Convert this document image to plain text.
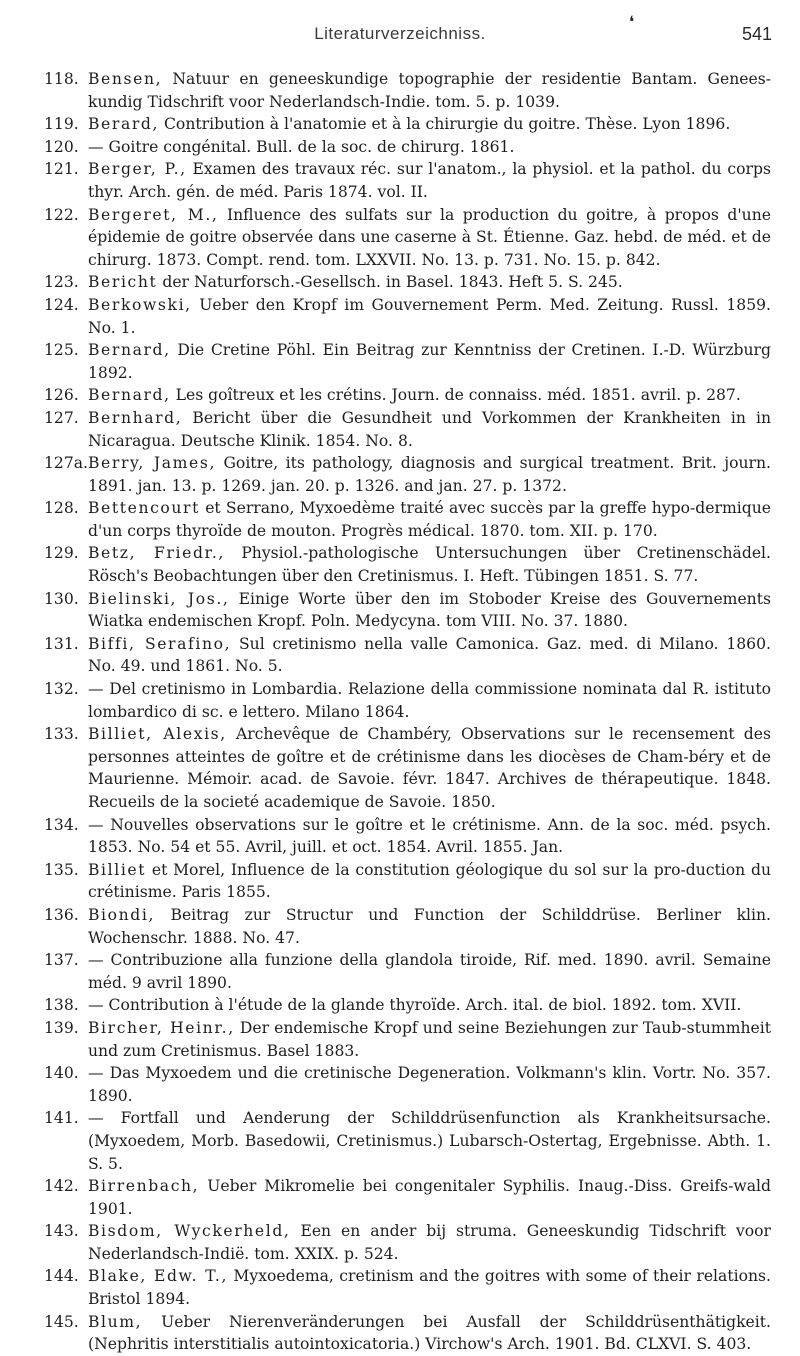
Literaturverzeichniss.
❛
541
118. Bensen, Natuur en geneeskundige topographie der residentie Bantam. Genees-kundig Tidschrift voor Nederlandsch-Indie. tom. 5. p. 1039.
119. Berard, Contribution à l'anatomie et à la chirurgie du goitre. Thèse. Lyon 1896.
120. — Goitre congénital. Bull. de la soc. de chirurg. 1861.
121. Berger, P., Examen des travaux réc. sur l'anatom., la physiol. et la pathol. du corps thyr. Arch. gén. de méd. Paris 1874. vol. II.
122. Bergeret, M., Influence des sulfats sur la production du goitre, à propos d'une épidemie de goitre observée dans une caserne à St. Étienne. Gaz. hebd. de méd. et de chirurg. 1873. Compt. rend. tom. LXXVII. No. 13. p. 731. No. 15. p. 842.
123. Bericht der Naturforsch.-Gesellsch. in Basel. 1843. Heft 5. S. 245.
124. Berkowski, Ueber den Kropf im Gouvernement Perm. Med. Zeitung. Russl. 1859. No. 1.
125. Bernard, Die Cretine Pöhl. Ein Beitrag zur Kenntniss der Cretinen. I.-D. Würzburg 1892.
126. Bernard, Les goîtreux et les crétins. Journ. de connaiss. méd. 1851. avril. p. 287.
127. Bernhard, Bericht über die Gesundheit und Vorkommen der Krankheiten in in Nicaragua. Deutsche Klinik. 1854. No. 8.
127a. Berry, James, Goitre, its pathology, diagnosis and surgical treatment. Brit. journ. 1891. jan. 13. p. 1269. jan. 20. p. 1326. and jan. 27. p. 1372.
128. Bettencourt et Serrano, Myxoedème traité avec succès par la greffe hypo-dermique d'un corps thyroïde de mouton. Progrès médical. 1870. tom. XII. p. 170.
129. Betz, Friedr., Physiol.-pathologische Untersuchungen über Cretinenschädel. Rösch's Beobachtungen über den Cretinismus. I. Heft. Tübingen 1851. S. 77.
130. Bielinski, Jos., Einige Worte über den im Stoboder Kreise des Gouvernements Wiatka endemischen Kropf. Poln. Medycyna. tom VIII. No. 37. 1880.
131. Biffi, Serafino, Sul cretinismo nella valle Camonica. Gaz. med. di Milano. 1860. No. 49. und 1861. No. 5.
132. — Del cretinismo in Lombardia. Relazione della commissione nominata dal R. istituto lombardico di sc. e lettero. Milano 1864.
133. Billiet, Alexis, Archevêque de Chambéry, Observations sur le recensement des personnes atteintes de goître et de crétinisme dans les diocèses de Cham-béry et de Maurienne. Mémoir. acad. de Savoie. févr. 1847. Archives de thérapeutique. 1848. Recueils de la societé academique de Savoie. 1850.
134. — Nouvelles observations sur le goître et le crétinisme. Ann. de la soc. méd. psych. 1853. No. 54 et 55. Avril, juill. et oct. 1854. Avril. 1855. Jan.
135. Billiet et Morel, Influence de la constitution géologique du sol sur la pro-duction du crétinisme. Paris 1855.
136. Biondi, Beitrag zur Structur und Function der Schilddrüse. Berliner klin. Wochenschr. 1888. No. 47.
137. — Contribuzione alla funzione della glandola tiroide, Rif. med. 1890. avril. Semaine méd. 9 avril 1890.
138. — Contribution à l'étude de la glande thyroïde. Arch. ital. de biol. 1892. tom. XVII.
139. Bircher, Heinr., Der endemische Kropf und seine Beziehungen zur Taub-stummheit und zum Cretinismus. Basel 1883.
140. — Das Myxoedem und die cretinische Degeneration. Volkmann's klin. Vortr. No. 357. 1890.
141. — Fortfall und Aenderung der Schilddrüsenfunction als Krankheitsursache. (Myxoedem, Morb. Basedowii, Cretinismus.) Lubarsch-Ostertag, Ergebnisse. Abth. 1. S. 5.
142. Birrenbach, Ueber Mikromelie bei congenitaler Syphilis. Inaug.-Diss. Greifs-wald 1901.
143. Bisdom, Wyckerheld, Een en ander bij struma. Geneeskundig Tidschrift voor Nederlandsch-Indië. tom. XXIX. p. 524.
144. Blake, Edw. T., Myxoedema, cretinism and the goitres with some of their relations. Bristol 1894.
145. Blum, Ueber Nierenveränderungen bei Ausfall der Schilddrüsenthätigkeit. (Nephritis interstitialis autointoxicatoria.) Virchow's Arch. 1901. Bd. CLXVI. S. 403.
